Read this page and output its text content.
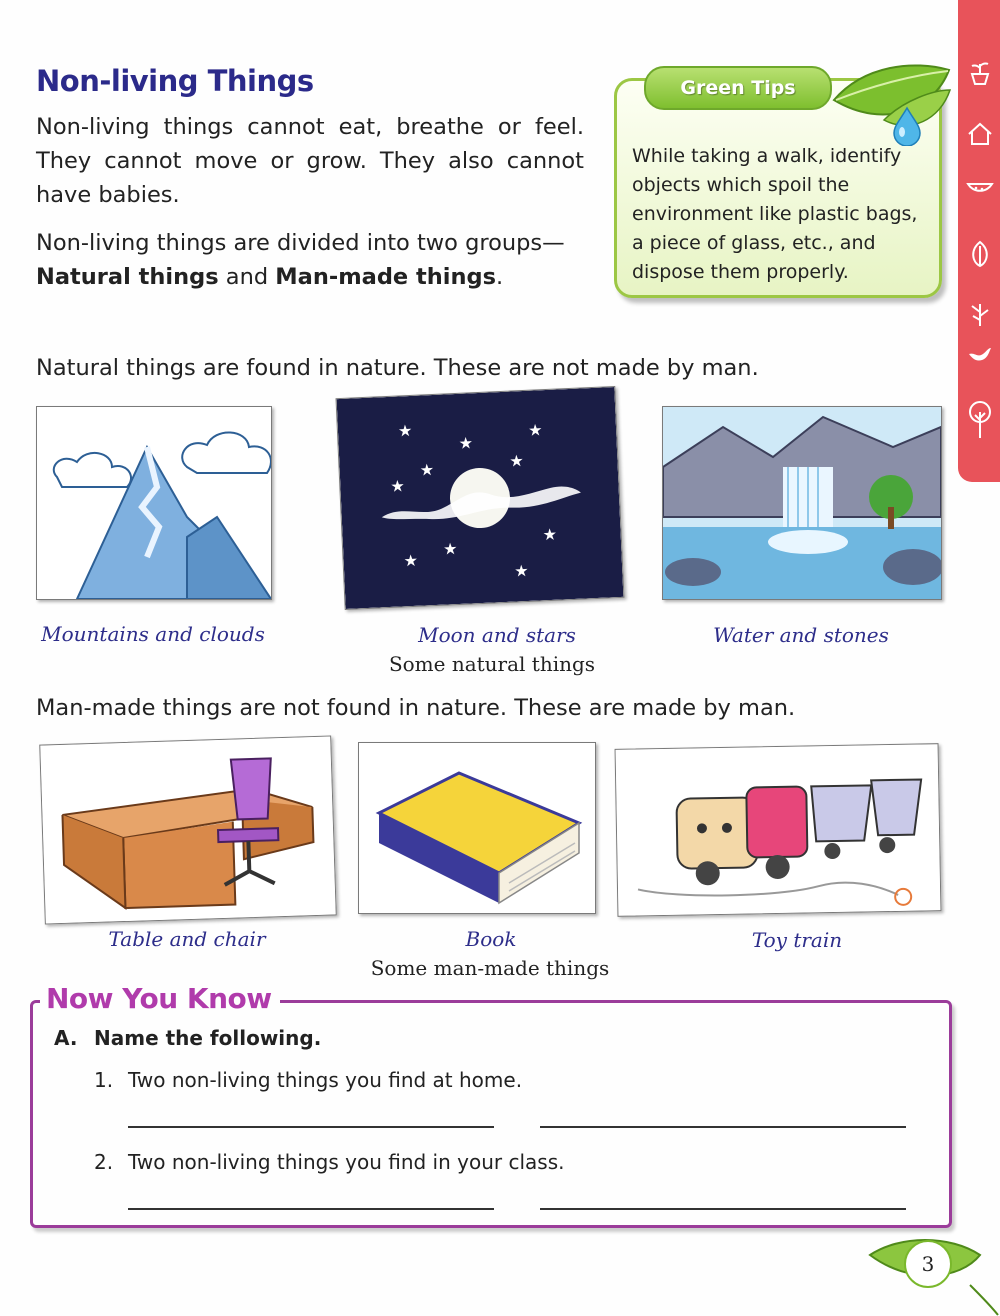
Non-living Things
Non-living things cannot eat, breathe or feel. They cannot move or grow. They also cannot have babies.
Non-living things are divided into two groups—Natural things and Man-made things.
Green Tips
While taking a walk, identify objects which spoil the environment like plastic bags, a piece of glass, etc., and dispose them properly.
Natural things are found in nature. These are not made by man.
★
★
★
★	★
★
★
★
★
★
Mountains and clouds	Moon and stars	Water and stones
Some natural things
Man-made things are not found in nature. These are made by man.
Table and chair	Book	Toy train
Some man-made things
Now You Know
A. Name the following.
1. Two non-living things you find at home.
2. Two non-living things you find in your class.
3
